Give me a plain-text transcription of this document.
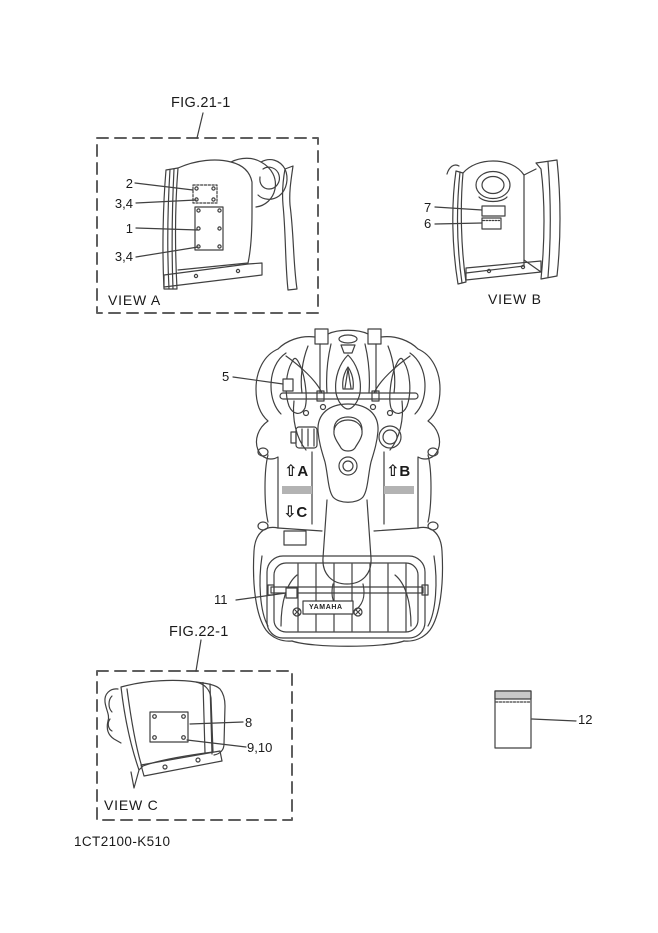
FIG.21-1
FIG.22-1
VIEW A	VIEW B
VIEW C
2
3,4
1
3,4
7
6
5
11
8
9,10
12
⇧A	⇧B
⇩C
YAMAHA
1CT2100-K510
